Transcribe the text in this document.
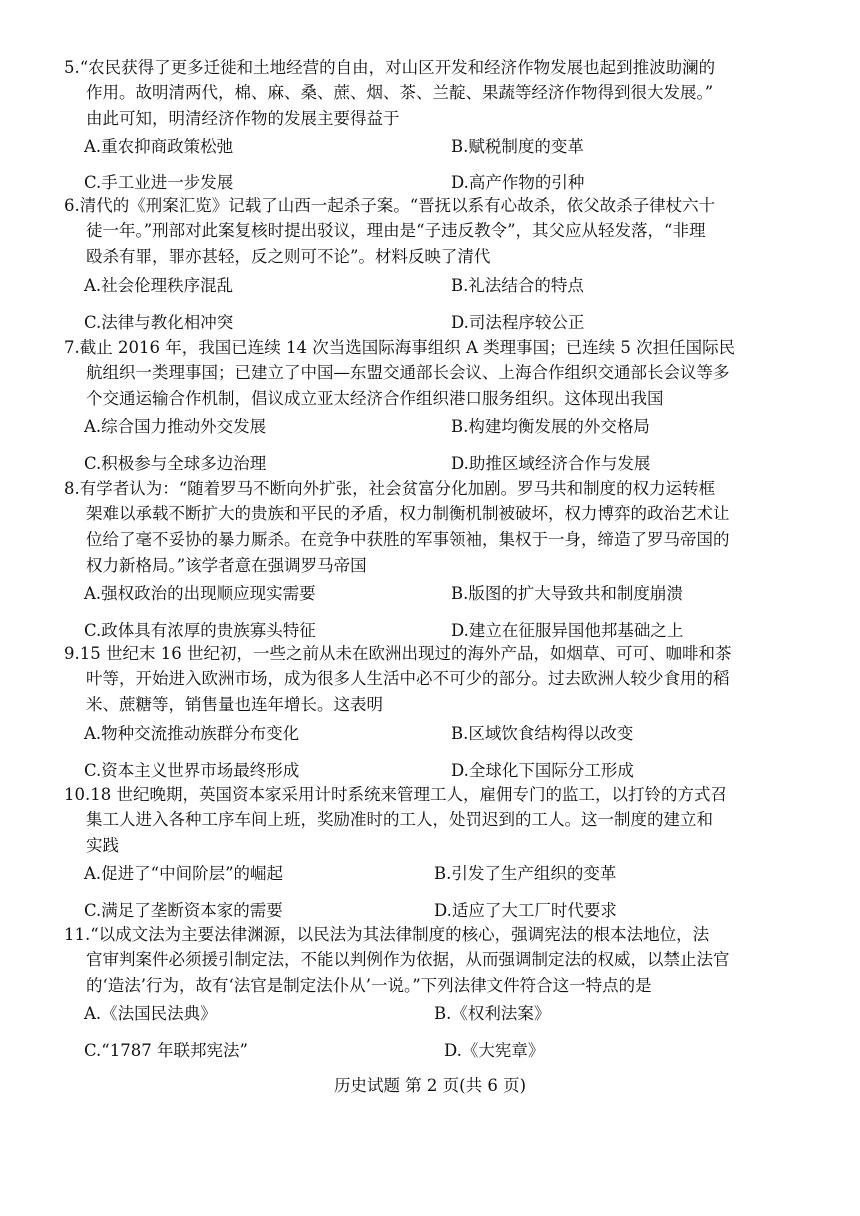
5.“农民获得了更多迁徙和土地经营的自由，对山区开发和经济作物发展也起到推波助澜的
作用。故明清两代，棉、麻、桑、蔗、烟、茶、兰靛、果蔬等经济作物得到很大发展。”
由此可知，明清经济作物的发展主要得益于
A.重农抑商政策松弛	B.赋税制度的变革
C.手工业进一步发展	D.高产作物的引种
6.清代的《刑案汇览》记载了山西一起杀子案。“晋抚以系有心故杀，依父故杀子律杖六十
徒一年。”刑部对此案复核时提出驳议，理由是“子违反教令”，其父应从轻发落，“非理
殴杀有罪，罪亦甚轻，反之则可不论”。材料反映了清代
A.社会伦理秩序混乱	B.礼法结合的特点
C.法律与教化相冲突	D.司法程序较公正
7.截止 2016 年，我国已连续 14 次当选国际海事组织 A 类理事国；已连续 5 次担任国际民
航组织一类理事国；已建立了中国—东盟交通部长会议、上海合作组织交通部长会议等多
个交通运输合作机制，倡议成立亚太经济合作组织港口服务组织。这体现出我国
A.综合国力推动外交发展	B.构建均衡发展的外交格局
C.积极参与全球多边治理	D.助推区域经济合作与发展
8.有学者认为：“随着罗马不断向外扩张，社会贫富分化加剧。罗马共和制度的权力运转框
架难以承载不断扩大的贵族和平民的矛盾，权力制衡机制被破坏，权力博弈的政治艺术让
位给了毫不妥协的暴力厮杀。在竞争中获胜的军事领袖，集权于一身，缔造了罗马帝国的
权力新格局。”该学者意在强调罗马帝国
A.强权政治的出现顺应现实需要	B.版图的扩大导致共和制度崩溃
C.政体具有浓厚的贵族寡头特征	D.建立在征服异国他邦基础之上
9.15 世纪末 16 世纪初，一些之前从未在欧洲出现过的海外产品，如烟草、可可、咖啡和茶
叶等，开始进入欧洲市场，成为很多人生活中必不可少的部分。过去欧洲人较少食用的稻
米、蔗糖等，销售量也连年增长。这表明
A.物种交流推动族群分布变化	B.区域饮食结构得以改变
C.资本主义世界市场最终形成	D.全球化下国际分工形成
10.18 世纪晚期，英国资本家采用计时系统来管理工人，雇佣专门的监工，以打铃的方式召
集工人进入各种工序车间上班，奖励准时的工人，处罚迟到的工人。这一制度的建立和
实践
A.促进了“中间阶层”的崛起	B.引发了生产组织的变革
C.满足了垄断资本家的需要	D.适应了大工厂时代要求
11.“以成文法为主要法律渊源，以民法为其法律制度的核心，强调宪法的根本法地位，法
官审判案件必须援引制定法，不能以判例作为依据，从而强调制定法的权威，以禁止法官
的‘造法’行为，故有‘法官是制定法仆从’一说。”下列法律文件符合这一特点的是
A.《法国民法典》	B.《权利法案》
C.“1787 年联邦宪法”	D.《大宪章》
历史试题 第 2 页(共 6 页)
